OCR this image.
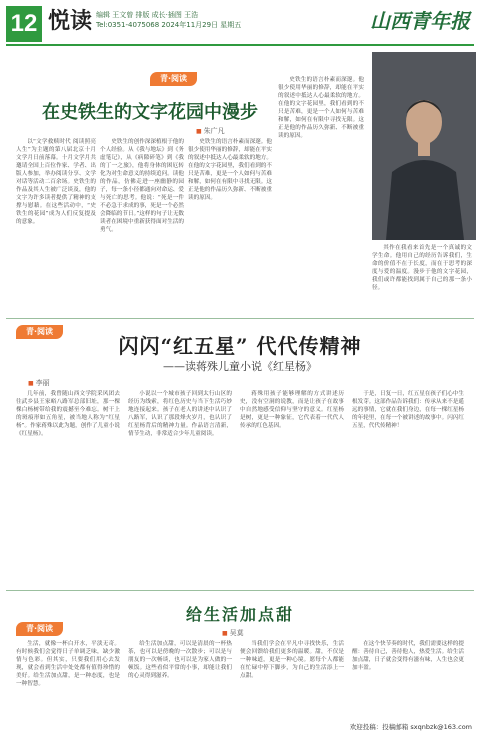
12 悦读 编辑 王文曾 排版 成长·插图 王浩
Tel:0351-4075068 2024年11月29日 星期五	山西青年报
青·阅读
在史铁生的文字花园中漫步
■ 朱广凡

以“文学救赎时代 阅读照亮人生”为主题的第八届北京十月文学月日前落幕。十月文学月共邀请全国上百位作家、学者、出版人参加，举办阅读分享、文学对话等活动二百余场。史铁生的作品及其人生被广泛谈及，他的文字为许多读者提供了精神的支撑与慰藉。在这些活动中，“史铁生的花园”成为人们反复提及的意象。

史铁生的创作深深植根于他的个人经验。从《我与地坛》到《务虚笔记》，从《病隙碎笔》到《我的丁一之旅》，他将身体的困厄转化为对生命意义的持续追问。读他的作品，仿佛走进一座幽静的园子，每一条小径都通向对命运、爱与死亡的思考。他说：“死是一件不必急于求成的事，死是一个必然会降临的节日。”这样的句子让无数读者在困境中重新获得面对生活的勇气。

史铁生的语言朴素而深邃。他很少使用华丽的修辞，却能在平实的叙述中抵达人心最柔软的地方。在他的文字花园里，我们看到的不只是苦难，更是一个人如何与苦难和解，如何在有限中寻找无限。这正是他的作品历久弥新、不断被重读的原因。

史铁生的语言朴素而深邃。他很少使用华丽的修辞，却能在平实的叙述中抵达人心最柔软的地方。在他的文字花园里，我们看到的不只是苦难，更是一个人如何与苦难和解，如何在有限中寻找无限。这正是他的作品历久弥新、不断被重读的原因。

其作在我看来首先是一个真诚的文学生命。他用自己的经历告诉我们，生命的价值不在于长度，而在于思考的深度与爱的温度。漫步于他的文字花园，我们或许都能找到属于自己的那一条小径。

青·阅读
闪闪“红五星” 代代传精神
——读蒋殊儿童小说《红星杨》
■ 李丽

几年前，我曾随山西文学院采风团去往武乡县王家峪八路军总部旧址，那一棵棵白杨树带给我的震撼至今难忘。树干上的斑痕形如五角星，被当地人称为“红星杨”。作家蒋殊以此为题，创作了儿童小说《红星杨》。

小说以一个城市孩子回到太行山区的经历为线索，将红色历史与当下生活巧妙地连接起来。孩子在老人的讲述中认识了八路军，认识了那段烽火岁月，也认识了红星杨背后的精神力量。作品语言清新，情节生动，非常适合少年儿童阅读。

蒋殊用孩子能够理解的方式讲述历史，没有空洞的说教，而是让孩子在故事中自然地感受信仰与坚守的意义。红星杨是树，更是一种象征，它代表着一代代人传承的红色基因。

于是，日复一日，红五星在孩子们心中生根发芽。这部作品告诉我们：传承从来不是遥远的事情，它就在我们身边，在每一棵红星杨的年轮里，在每一个被讲述的故事中。闪闪红五星，代代传精神！

青·阅读
给生活加点甜
■ 吴莫

生活，就像一杯白开水，平淡无奇。有时候我们会觉得日子单调乏味，缺少激情与色彩。但其实，只要我们用心去发现，就会看到生活中处处都有值得珍惜的美好。给生活加点甜，是一种态度，也是一种智慧。

给生活加点甜，可以是清晨的一杯热茶，也可以是傍晚的一次散步；可以是与朋友的一次畅谈，也可以是为家人做的一顿饭。这些看似平常的小事，却能让我们的心灵得到滋养。

当我们学会在平凡中寻找快乐，生活便会回馈给我们更多的温暖。甜，不仅是一种味道，更是一种心境。愿每个人都能在忙碌中停下脚步，为自己的生活添上一点甜。

在这个快节奏的时代，我们需要这样的提醒：善待自己，善待他人，热爱生活。给生活加点甜，日子就会变得有滋有味，人生也会更加丰盈。

欢迎投稿：投稿邮箱 sxqnbzk@163.com
